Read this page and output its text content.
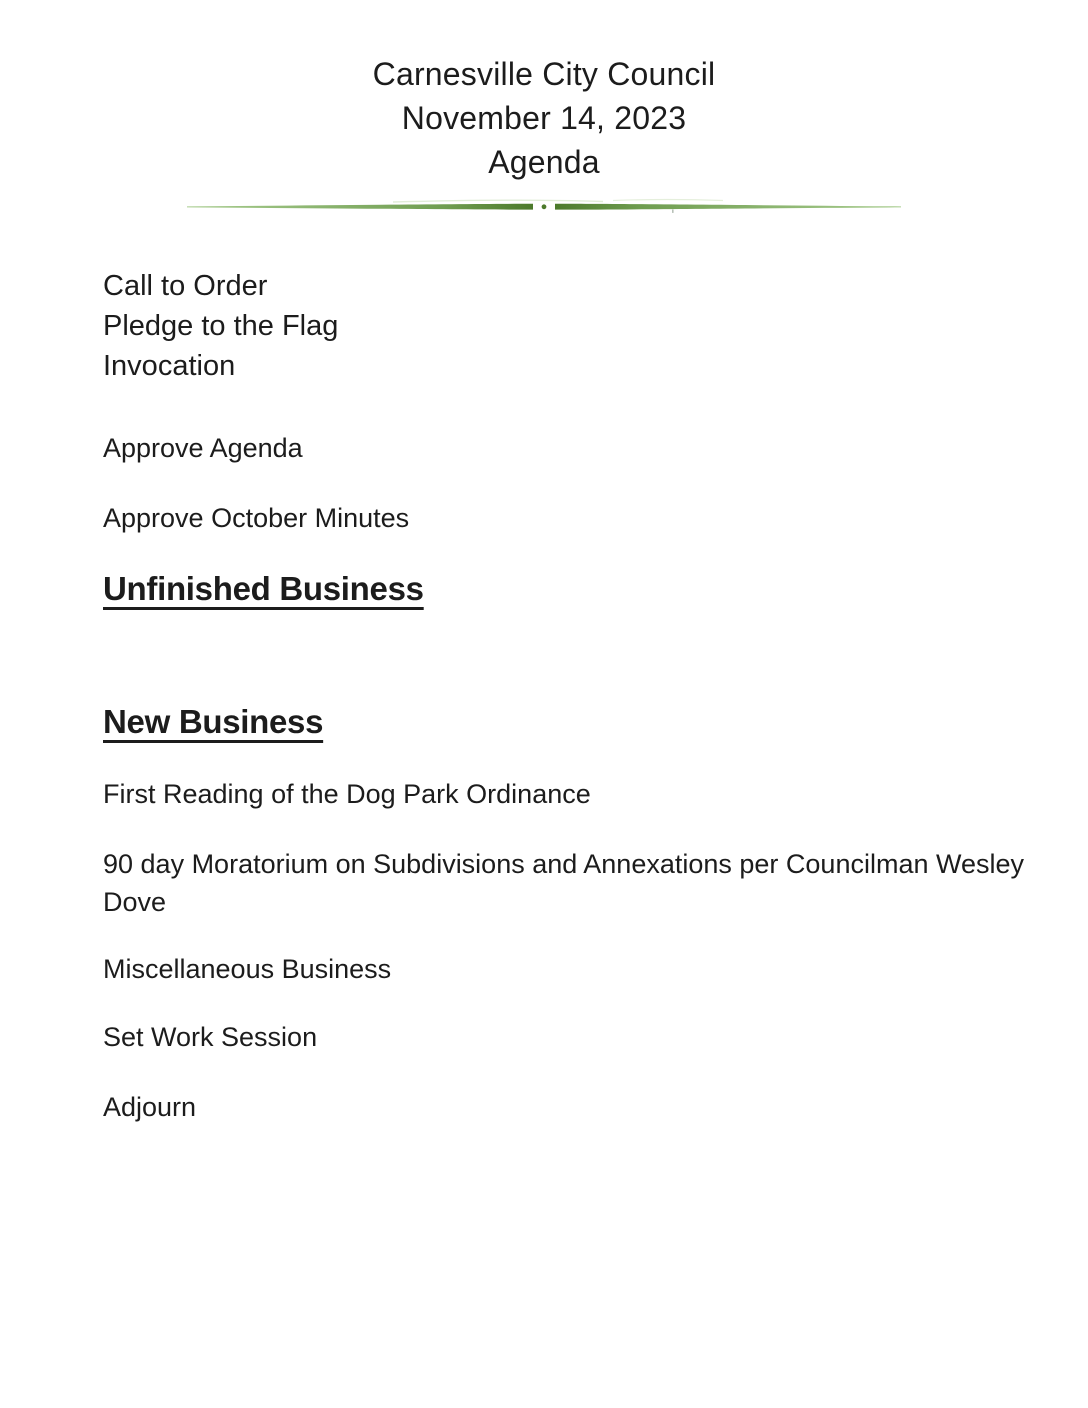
Carnesville City Council
November 14, 2023
Agenda
Call to Order
Pledge to the Flag
Invocation
Approve Agenda
Approve October Minutes
Unfinished Business
New Business
First Reading of the Dog Park Ordinance
90 day Moratorium on Subdivisions and Annexations per Councilman Wesley Dove
Miscellaneous Business
Set Work Session
Adjourn
